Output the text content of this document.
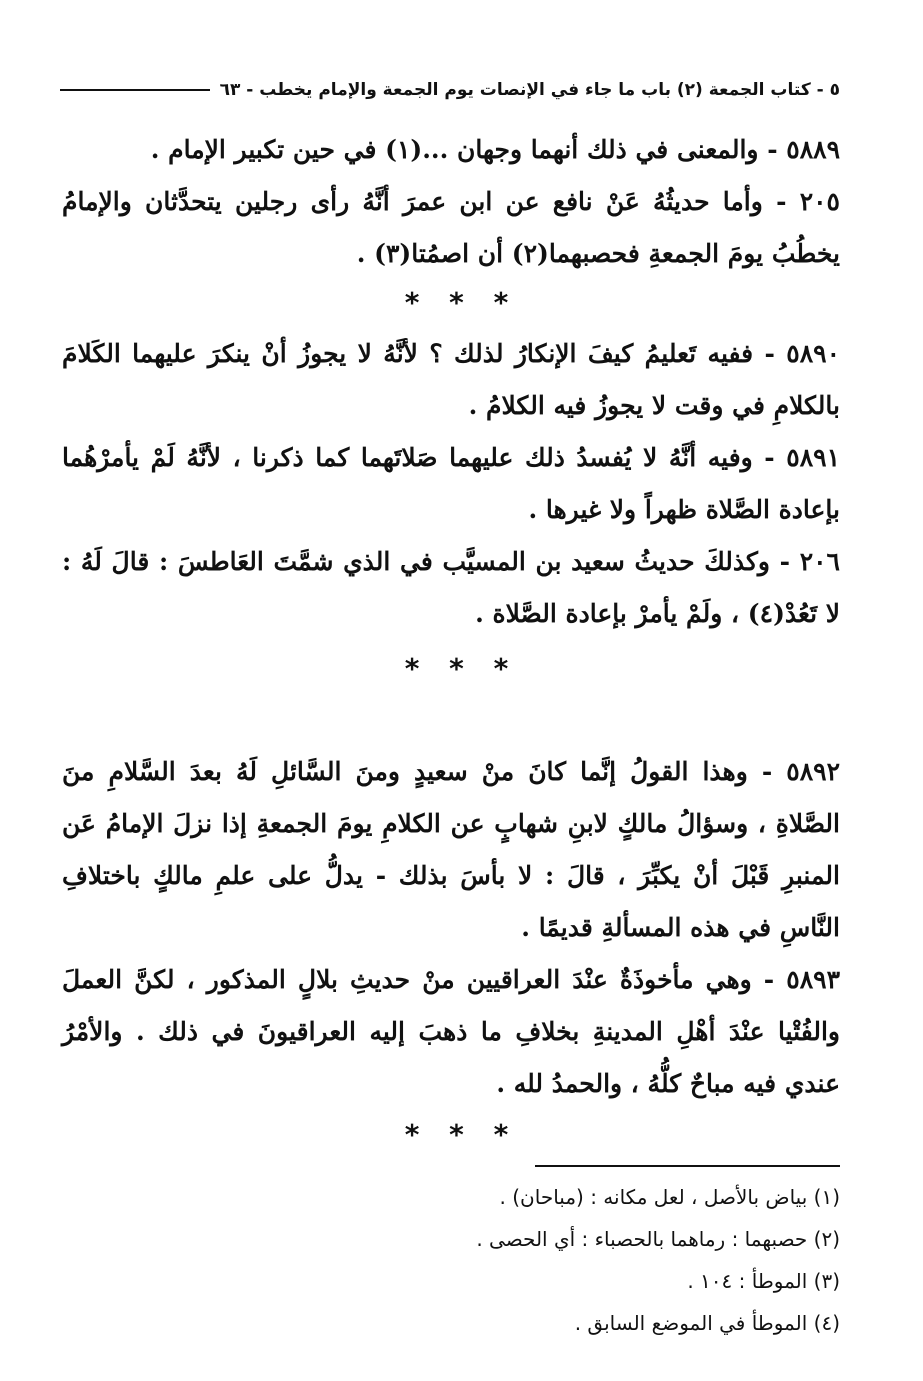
٥ - كتاب الجمعة (٢) باب ما جاء في الإنصات يوم الجمعة والإمام يخطب - ٦٣

٥٨٨٩ - والمعنى في ذلك أنهما وجهان ...(١) في حين تكبير الإمام .

٢٠٥ - وأما حديثُهُ عَنْ نافع عن ابن عمرَ أنَّهُ رأى رجلين يتحدَّثان والإمامُ يخطُبُ يومَ الجمعةِ فحصبهما(٢) أن اصمُتا(٣) .

* * *

٥٨٩٠ - ففيه تَعليمُ كيفَ الإنكارُ لذلك ؟ لأنَّهُ لا يجوزُ أنْ ينكرَ عليهما الكَلامَ بالكلامِ في وقت لا يجوزُ فيه الكلامُ .

٥٨٩١ - وفيه أنَّهُ لا يُفسدُ ذلك عليهما صَلاتَهما كما ذكرنا ، لأنَّهُ لَمْ يأمرْهُما بإعادة الصَّلاة ظهراً ولا غيرها .

٢٠٦ - وكذلكَ حديثُ سعيد بن المسيَّب في الذي شمَّتَ العَاطسَ : قالَ لَهُ : لا تَعُدْ(٤) ، ولَمْ يأمرْ بإعادة الصَّلاة .

* * *

٥٨٩٢ - وهذا القولُ إنَّما كانَ منْ سعيدٍ ومنَ السَّائلِ لَهُ بعدَ السَّلامِ منَ الصَّلاةِ ، وسؤالُ مالكٍ لابنِ شهابٍ عن الكلامِ يومَ الجمعةِ إذا نزلَ الإمامُ عَن المنبرِ قَبْلَ أنْ يكبِّرَ ، قالَ : لا بأسَ بذلك - يدلُّ على علمِ مالكٍ باختلافِ النَّاسِ في هذه المسألةِ قديمًا .

٥٨٩٣ - وهي مأخوذَةٌ عنْدَ العراقيين منْ حديثِ بلالٍ المذكور ، لكنَّ العملَ والفُتْيا عنْدَ أهْلِ المدينةِ بخلافِ ما ذهبَ إليه العراقيونَ في ذلك . والأمْرُ عندي فيه مباحٌ كلُّهُ ، والحمدُ لله .

* * *

(١) بياض بالأصل ، لعل مكانه : (مباحان) .

(٢) حصبهما : رماهما بالحصباء : أي الحصى .

(٣) الموطأ : ١٠٤ .

(٤) الموطأ في الموضع السابق .
